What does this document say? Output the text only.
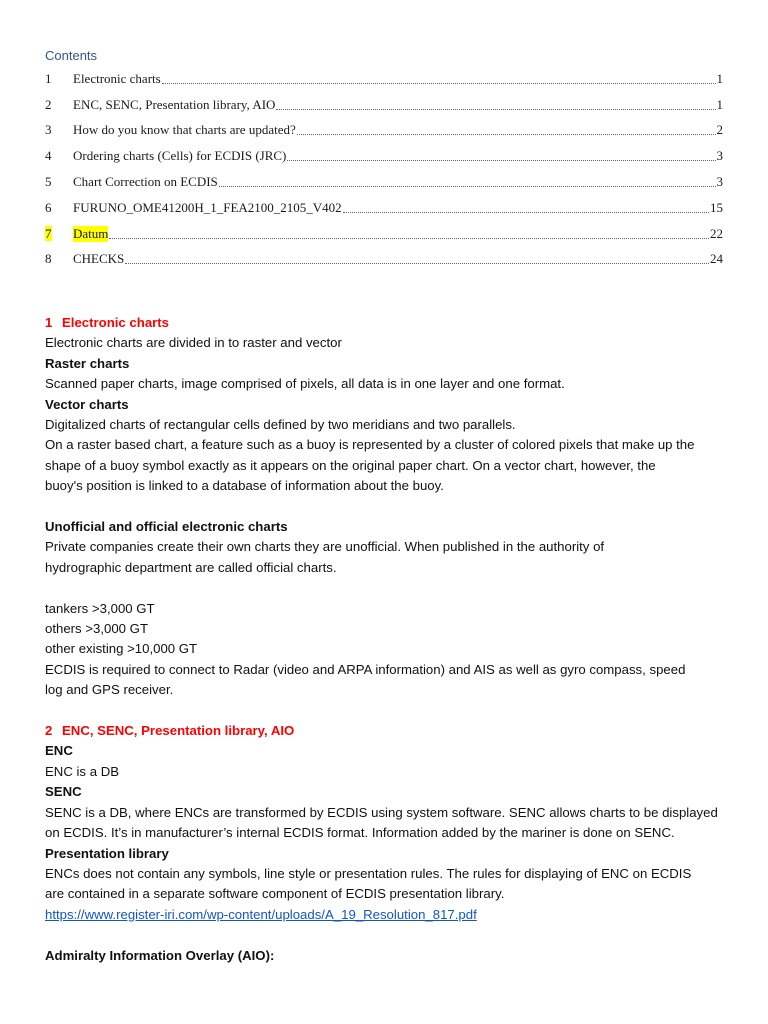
Contents
1	Electronic charts	1
2	ENC, SENC, Presentation library, AIO	1
3	How do you know that charts are updated?	2
4	Ordering charts (Cells) for ECDIS (JRC)	3
5	Chart Correction on ECDIS	3
6	FURUNO_OME41200H_1_FEA2100_2105_V402	15
7	Datum	22
8	CHECKS	24

1 Electronic charts

Electronic charts are divided in to raster and vector

Raster charts

Scanned paper charts, image comprised of pixels, all data is in one layer and one format.

Vector charts

Digitalized charts of rectangular cells defined by two meridians and two parallels.

On a raster based chart, a feature such as a buoy is represented by a cluster of colored pixels that make up the

shape of a buoy symbol exactly as it appears on the original paper chart. On a vector chart, however, the

buoy's position is linked to a database of information about the buoy.

Unofficial and official electronic charts

Private companies create their own charts they are unofficial. When published in the authority of

hydrographic department are called official charts.

tankers >3,000 GT

others >3,000 GT

other existing >10,000 GT

ECDIS is required to connect to Radar (video and ARPA information) and AIS as well as gyro compass, speed

log and GPS receiver.

2 ENC, SENC, Presentation library, AIO

ENC

ENC is a DB

SENC

SENC is a DB, where ENCs are transformed by ECDIS using system software. SENC allows charts to be displayed

on ECDIS. It’s in manufacturer’s internal ECDIS format. Information added by the mariner is done on SENC.

Presentation library

ENCs does not contain any symbols, line style or presentation rules. The rules for displaying of ENC on ECDIS

are contained in a separate software component of ECDIS presentation library.

https://www.register-iri.com/wp-content/uploads/A_19_Resolution_817.pdf

Admiralty Information Overlay (AIO):
